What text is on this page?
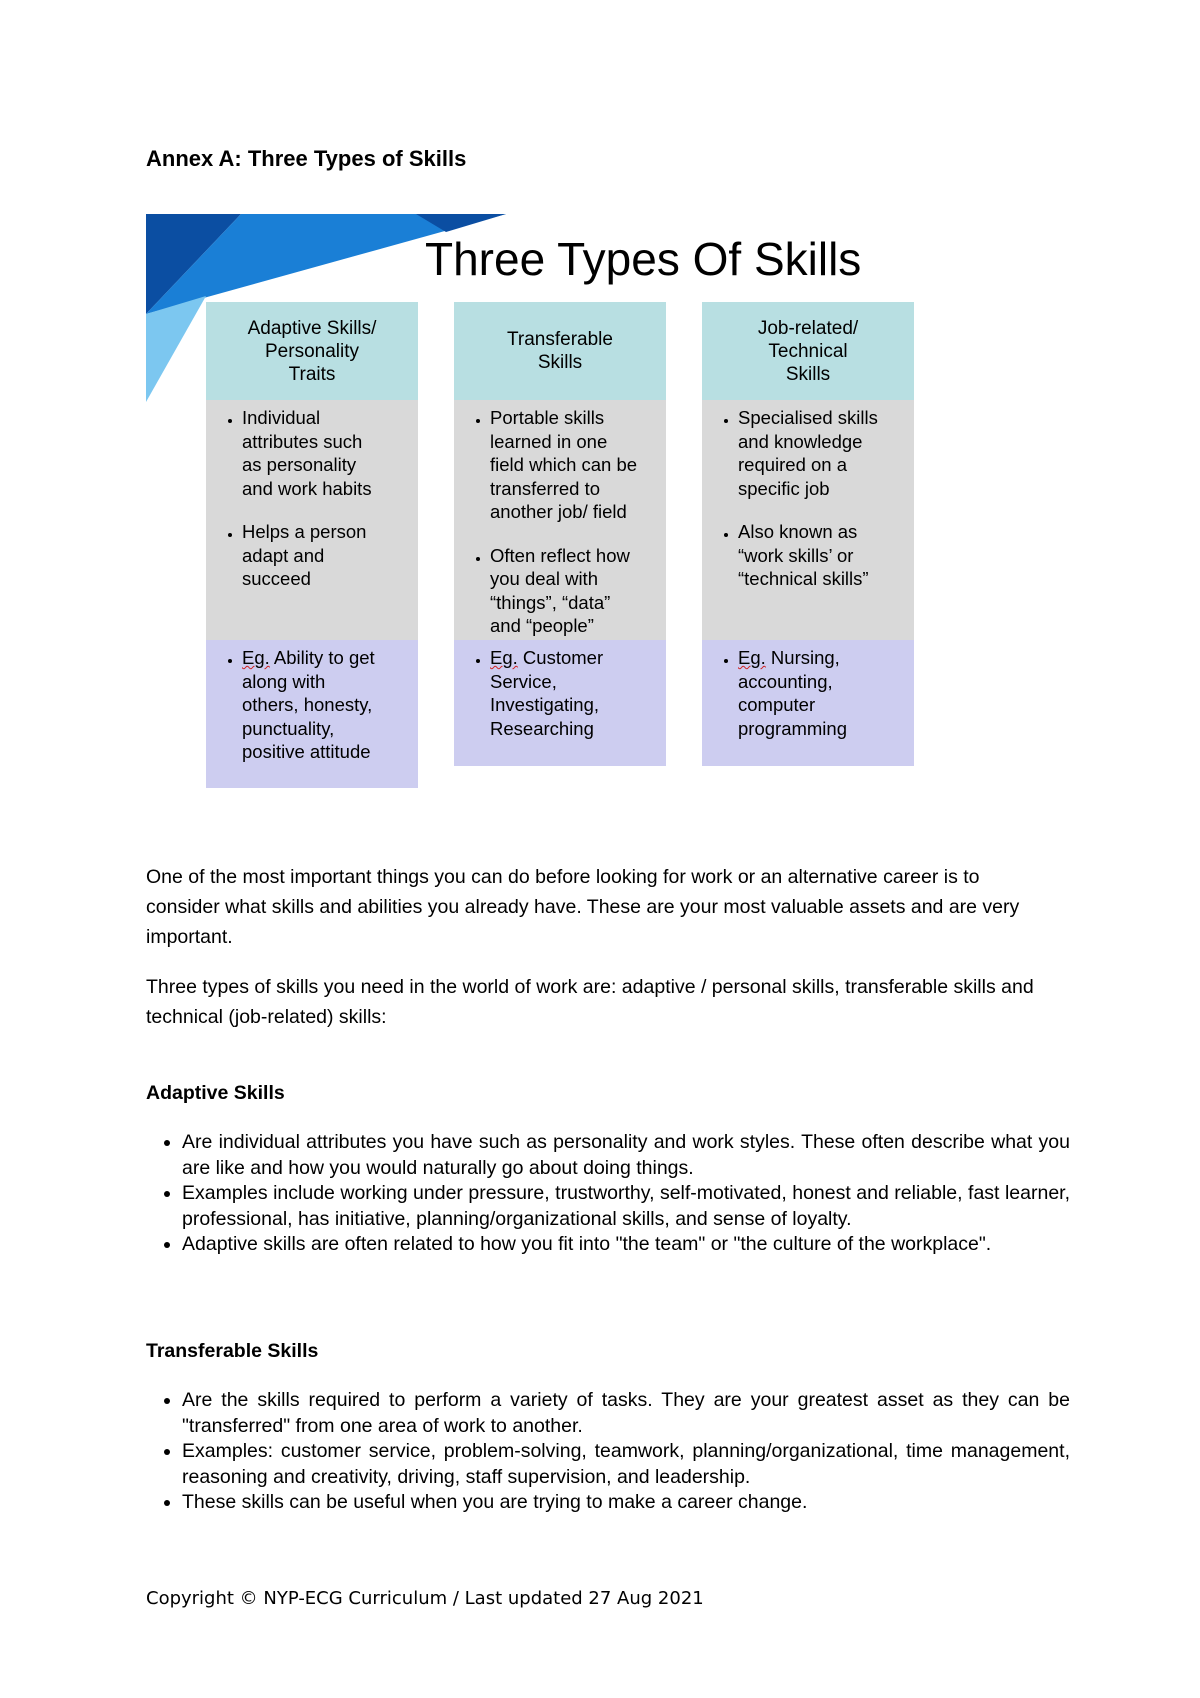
Annex A: Three Types of Skills
Three Types Of Skills
Adaptive Skills/
Personality
Traits
• Individual
attributes such
as personality
and work habits
• Helps a person
adapt and
succeed
• Eg. Ability to get
along with
others, honesty,
punctuality,
positive attitude
Transferable
Skills
• Portable skills
learned in one
field which can be
transferred to
another job/ field
• Often reflect how
you deal with
“things”, “data”
and “people”
• Eg. Customer
Service,
Investigating,
Researching
Job-related/
Technical
Skills
• Specialised skills
and knowledge
required on a
specific job
• Also known as
“work skills’ or
“technical skills”
• Eg. Nursing,
accounting,
computer
programming

One of the most important things you can do before looking for work or an alternative career is to consider what skills and abilities you already have. These are your most valuable assets and are very important.

Three types of skills you need in the world of work are: adaptive / personal skills, transferable skills and technical (job-related) skills:

Adaptive Skills
• Are individual attributes you have such as personality and work styles. These often describe what you are like and how you would naturally go about doing things.
• Examples include working under pressure, trustworthy, self-motivated, honest and reliable, fast learner, professional, has initiative, planning/organizational skills, and sense of loyalty.
• Adaptive skills are often related to how you fit into "the team" or "the culture of the workplace".
Transferable Skills
• Are the skills required to perform a variety of tasks. They are your greatest asset as they can be "transferred" from one area of work to another.
• Examples: customer service, problem-solving, teamwork, planning/organizational, time management, reasoning and creativity, driving, staff supervision, and leadership.
• These skills can be useful when you are trying to make a career change.
Copyright © NYP-ECG Curriculum / Last updated 27 Aug 2021
